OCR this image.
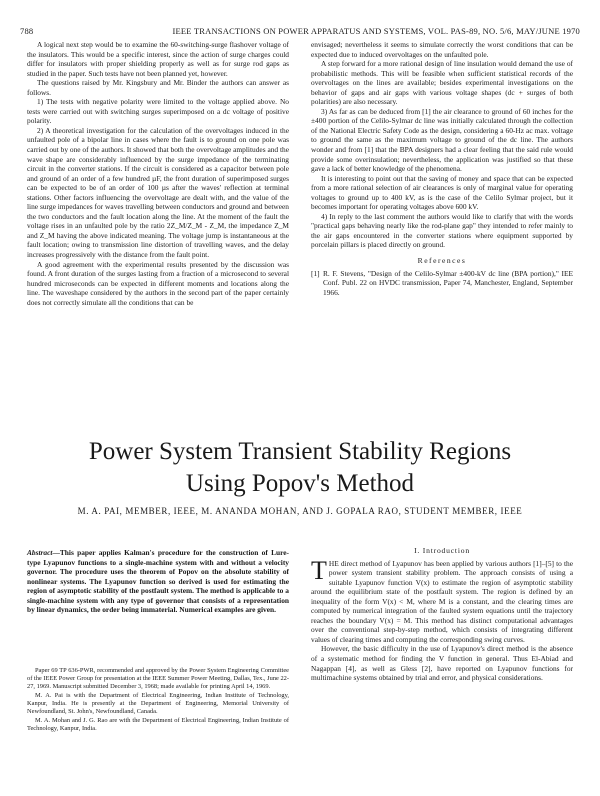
788	IEEE TRANSACTIONS ON POWER APPARATUS AND SYSTEMS, VOL. PAS-89, NO. 5/6, MAY/JUNE 1970

A logical next step would be to examine the 60-switching-surge flashover voltage of the insulators. This would be a specific interest, since the action of surge charges could differ for insulators with proper shielding properly as well as for surge rod gaps as studied in the paper. Such tests have not been planned yet, however.

The questions raised by Mr. Kingsbury and Mr. Binder the authors can answer as follows.

1) The tests with negative polarity were limited to the voltage applied above. No tests were carried out with switching surges superimposed on a dc voltage of positive polarity.

2) A theoretical investigation for the calculation of the overvoltages induced in the unfaulted pole of a bipolar line in cases where the fault is to ground on one pole was carried out by one of the authors. It showed that both the overvoltage amplitudes and the wave shape are considerably influenced by the surge impedance of the terminating circuit in the converter stations. If the circuit is considered as a capacitor between pole and ground of an order of a few hundred µF, the front duration of superimposed surges can be expected to be of an order of 100 µs after the waves' reflection at terminal stations. Other factors influencing the overvoltage are dealt with, and the value of the line surge impedances for waves travelling between conductors and ground and between the two conductors and the fault location along the line. At the moment of the fault the voltage rises in an unfaulted pole by the ratio 2Z_M/Z_M - Z_M, the impedance Z_M and Z_M having the above indicated meaning. The voltage jump is instantaneous at the fault location; owing to transmission line distortion of travelling waves, and the delay increases progressively with the distance from the fault point.

A good agreement with the experimental results presented by the discussion was found. A front duration of the surges lasting from a fraction of a microsecond to several hundred microseconds can be expected in different moments and locations along the line. The waveshape considered by the authors in the second part of the paper certainly does not correctly simulate all the conditions that can be

envisaged; nevertheless it seems to simulate correctly the worst conditions that can be expected due to induced overvoltages on the unfaulted pole.

A step forward for a more rational design of line insulation would demand the use of probabilistic methods. This will be feasible when sufficient statistical records of the overvoltages on the lines are available; besides experimental investigations on the behavior of gaps and air gaps with various voltage shapes (dc + surges of both polarities) are also necessary.

3) As far as can be deduced from [1] the air clearance to ground of 60 inches for the ±400 portion of the Celilo-Sylmar dc line was initially calculated through the collection of the National Electric Safety Code as the design, considering a 60-Hz ac max. voltage to ground the same as the maximum voltage to ground of the dc line. The authors wonder and from [1] that the BPA designers had a clear feeling that the said rule would provide some overinsulation; nevertheless, the application was justified so that these gave a lack of better knowledge of the phenomena.

It is interesting to point out that the saving of money and space that can be expected from a more rational selection of air clearances is only of marginal value for operating voltages to ground up to 400 kV, as is the case of the Celilo Sylmar project, but it becomes important for operating voltages above 600 kV.

4) In reply to the last comment the authors would like to clarify that with the words "practical gaps behaving nearly like the rod-plane gap" they intended to refer mainly to the air gaps encountered in the converter stations where equipment supported by porcelain pillars is placed directly on ground.

References

[1] R. F. Stevens, "Design of the Celilo-Sylmar ±400-kV dc line (BPA portion)," IEE Conf. Publ. 22 on HVDC transmission, Paper 74, Manchester, England, September 1966.

Power System Transient Stability Regions
Using Popov's Method
M. A. PAI, MEMBER, IEEE, M. ANANDA MOHAN, AND J. GOPALA RAO, STUDENT MEMBER, IEEE
Abstract—This paper applies Kalman's procedure for the construction of Lure-type Lyapunov functions to a single-machine system with and without a velocity governor. The procedure uses the theorem of Popov on the absolute stability of nonlinear systems. The Lyapunov function so derived is used for estimating the region of asymptotic stability of the postfault system. The method is applicable to a single-machine system with any type of governor that consists of a representation by linear dynamics, the order being immaterial. Numerical examples are given.

Paper 69 TP 636-PWR, recommended and approved by the Power System Engineering Committee of the IEEE Power Group for presentation at the IEEE Summer Power Meeting, Dallas, Tex., June 22-27, 1969. Manuscript submitted December 3, 1968; made available for printing April 14, 1969.

M. A. Pai is with the Department of Electrical Engineering, Indian Institute of Technology, Kanpur, India. He is presently at the Department of Engineering, Memorial University of Newfoundland, St. John's, Newfoundland, Canada.

M. A. Mohan and J. G. Rao are with the Department of Electrical Engineering, Indian Institute of Technology, Kanpur, India.

I. Introduction

THE direct method of Lyapunov has been applied by various authors [1]–[5] to the power system transient stability problem. The approach consists of using a suitable Lyapunov function V(x) to estimate the region of asymptotic stability around the equilibrium state of the postfault system. The region is defined by an inequality of the form V(x) < M, where M is a constant, and the clearing times are computed by numerical integration of the faulted system equations until the trajectory reaches the boundary V(x) = M. This method has distinct computational advantages over the conventional step-by-step method, which consists of integrating different values of clearing times and computing the corresponding swing curves.

However, the basic difficulty in the use of Lyapunov's direct method is the absence of a systematic method for finding the V function in general. Thus El-Abiad and Nagappan [4], as well as Gless [2], have reported on Lyapunov functions for multimachine systems obtained by trial and error, and physical considerations.
